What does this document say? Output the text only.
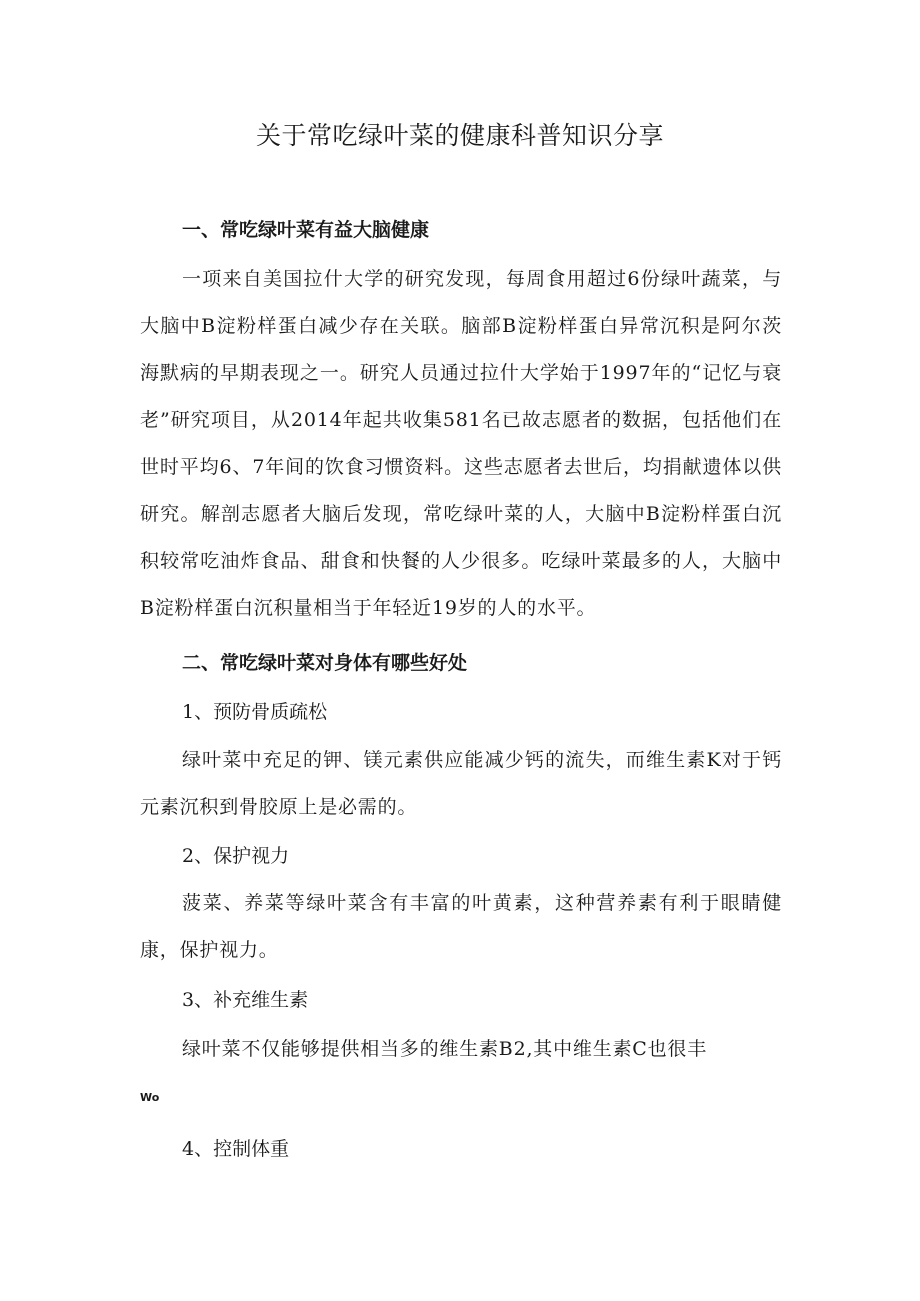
关于常吃绿叶菜的健康科普知识分享
一、常吃绿叶菜有益大脑健康
一项来自美国拉什大学的研究发现，每周食用超过6份绿叶蔬菜，与大脑中B淀粉样蛋白减少存在关联。脑部B淀粉样蛋白异常沉积是阿尔茨海默病的早期表现之一。研究人员通过拉什大学始于1997年的“记忆与衰老”研究项目，从2014年起共收集581名已故志愿者的数据，包括他们在世时平均6、7年间的饮食习惯资料。这些志愿者去世后，均捐献遗体以供研究。解剖志愿者大脑后发现，常吃绿叶菜的人，大脑中B淀粉样蛋白沉积较常吃油炸食品、甜食和快餐的人少很多。吃绿叶菜最多的人，大脑中B淀粉样蛋白沉积量相当于年轻近19岁的人的水平。
二、常吃绿叶菜对身体有哪些好处
1、预防骨质疏松
绿叶菜中充足的钾、镁元素供应能减少钙的流失，而维生素K对于钙元素沉积到骨胶原上是必需的。
2、保护视力
菠菜、养菜等绿叶菜含有丰富的叶黄素，这种营养素有利于眼睛健康，保护视力。
3、补充维生素
绿叶菜不仅能够提供相当多的维生素B2,其中维生素C也很丰
Wo
4、控制体重
